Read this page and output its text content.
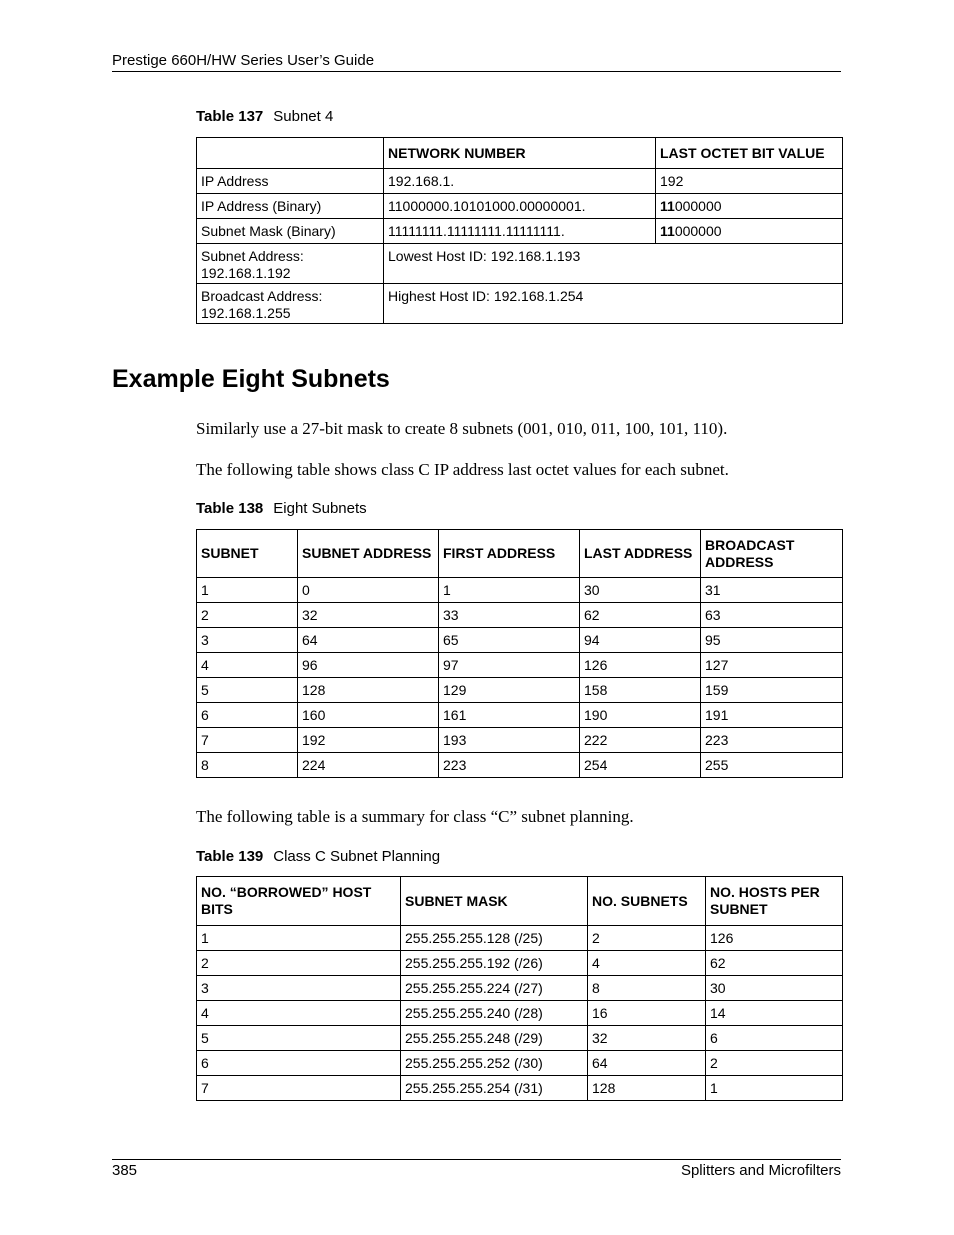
Prestige 660H/HW Series User’s Guide
Table 137 Subnet 4
	NETWORK NUMBER	LAST OCTET BIT VALUE
IP Address	192.168.1.	192
IP Address (Binary)	11000000.10101000.00000001.	11000000
Subnet Mask (Binary)	11111111.11111111.11111111.	11000000
Subnet Address:
192.168.1.192	Lowest Host ID: 192.168.1.193	
Broadcast Address:
192.168.1.255	Highest Host ID: 192.168.1.254	
Example Eight Subnets

Similarly use a 27-bit mask to create 8 subnets (001, 010, 011, 100, 101, 110).

The following table shows class C IP address last octet values for each subnet.

Table 138 Eight Subnets
SUBNET	SUBNET ADDRESS	FIRST ADDRESS	LAST ADDRESS	BROADCAST ADDRESS
1	0	1	30	31
2	32	33	62	63
3	64	65	94	95
4	96	97	126	127
5	128	129	158	159
6	160	161	190	191
7	192	193	222	223
8	224	223	254	255

The following table is a summary for class “C” subnet planning.

Table 139 Class C Subnet Planning
NO. “BORROWED” HOST BITS	SUBNET MASK	NO. SUBNETS	NO. HOSTS PER SUBNET
1	255.255.255.128 (/25)	2	126
2	255.255.255.192 (/26)	4	62
3	255.255.255.224 (/27)	8	30
4	255.255.255.240 (/28)	16	14
5	255.255.255.248 (/29)	32	6
6	255.255.255.252 (/30)	64	2
7	255.255.255.254 (/31)	128	1
385	Splitters and Microfilters
